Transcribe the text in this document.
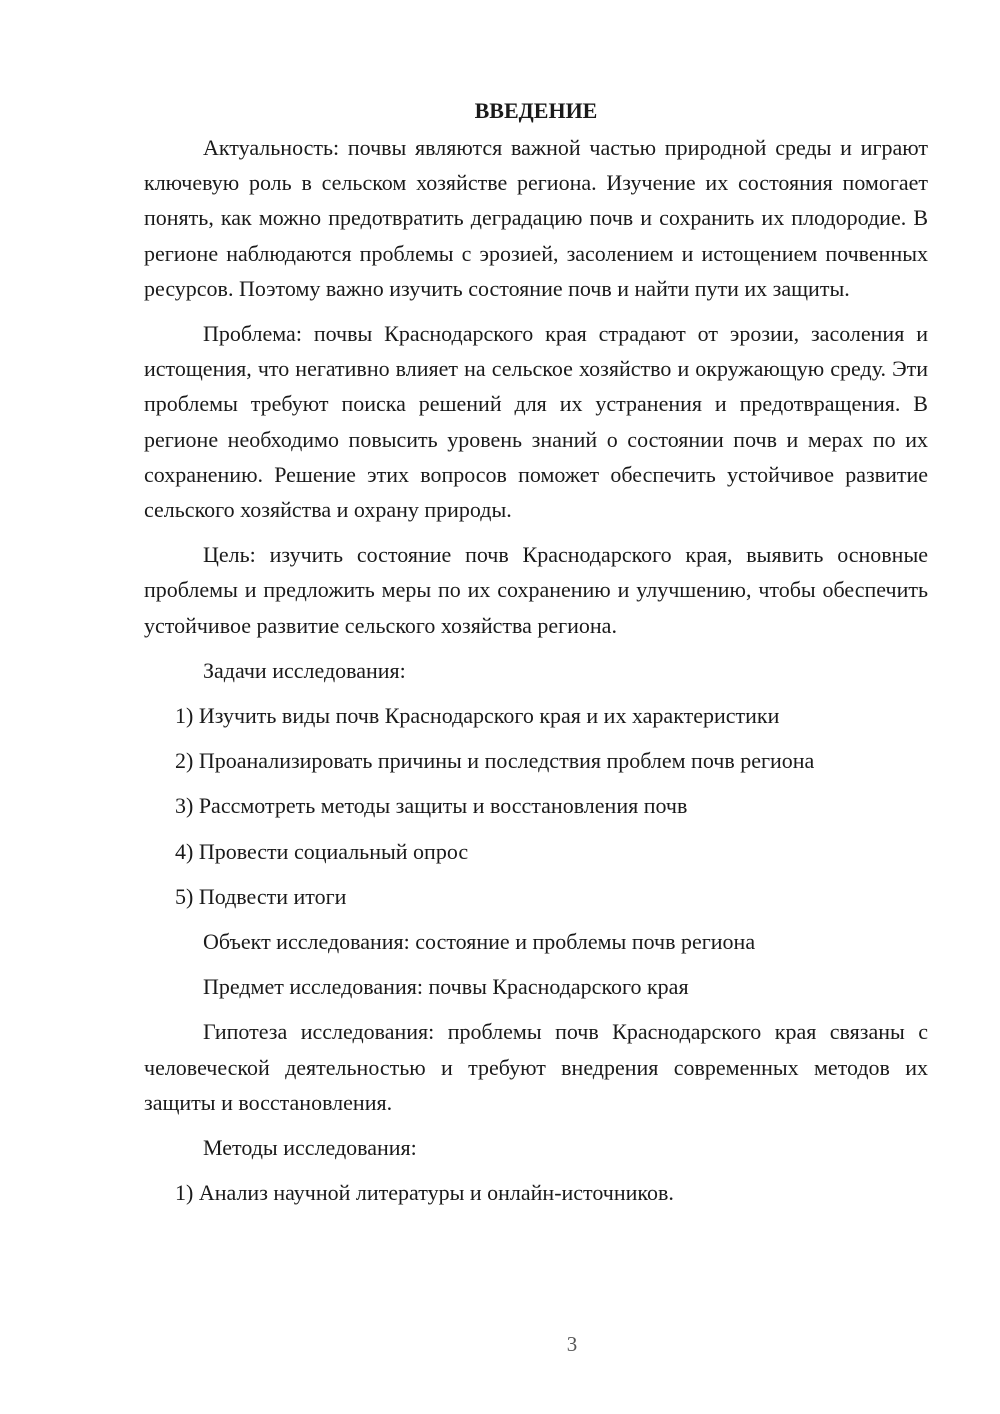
ВВЕДЕНИЕ

Актуальность: почвы являются важной частью природной среды и играют ключевую роль в сельском хозяйстве региона. Изучение их состояния помогает понять, как можно предотвратить деградацию почв и сохранить их плодородие. В регионе наблюдаются проблемы с эрозией, засолением и истощением почвенных ресурсов. Поэтому важно изучить состояние почв и найти пути их защиты.

Проблема: почвы Краснодарского края страдают от эрозии, засоления и истощения, что негативно влияет на сельское хозяйство и окружающую среду. Эти проблемы требуют поиска решений для их устранения и предотвращения. В регионе необходимо повысить уровень знаний о состоянии почв и мерах по их сохранению. Решение этих вопросов поможет обеспечить устойчивое развитие сельского хозяйства и охрану природы.

Цель: изучить состояние почв Краснодарского края, выявить основные проблемы и предложить меры по их сохранению и улучшению, чтобы обеспечить устойчивое развитие сельского хозяйства региона.

Задачи исследования:

1) Изучить виды почв Краснодарского края и их характеристики
2) Проанализировать причины и последствия проблем почв региона
3) Рассмотреть методы защиты и восстановления почв
4) Провести социальный опрос
5) Подвести итоги

Объект исследования: состояние и проблемы почв региона

Предмет исследования: почвы Краснодарского края

Гипотеза исследования: проблемы почв Краснодарского края связаны с человеческой деятельностью и требуют внедрения современных методов их защиты и восстановления.

Методы исследования:

1) Анализ научной литературы и онлайн-источников.
3
